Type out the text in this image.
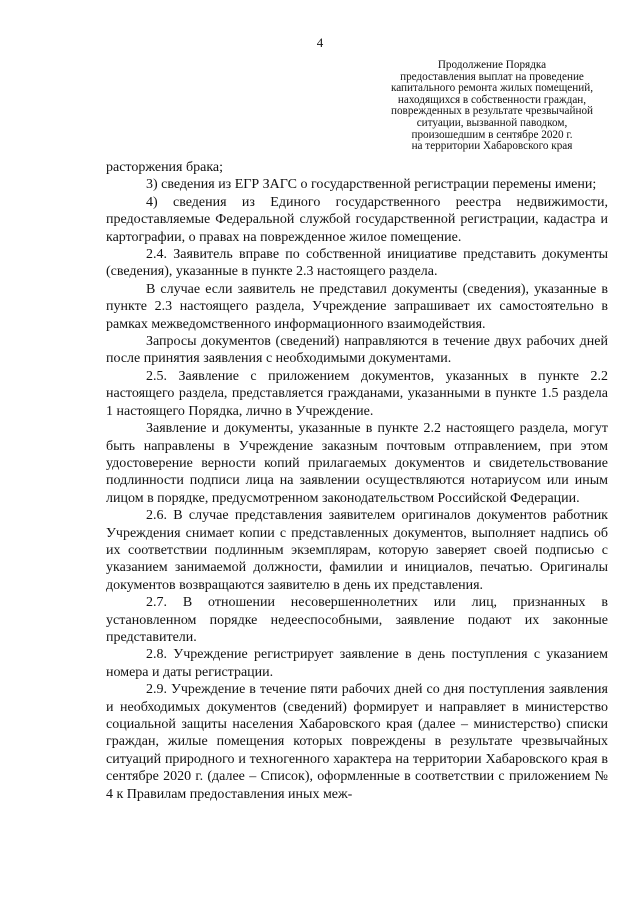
4
Продолжение Порядка
предоставления выплат на проведение
капитального ремонта жилых помещений,
находящихся в собственности граждан,
поврежденных в результате чрезвычайной
ситуации, вызванной паводком,
произошедшим в сентябре 2020 г.
на территории Хабаровского края

расторжения брака;

3) сведения из ЕГР ЗАГС о государственной регистрации перемены имени;

4) сведения из Единого государственного реестра недвижимости, предоставляемые Федеральной службой государственной регистрации, кадастра и картографии, о правах на поврежденное жилое помещение.

2.4. Заявитель вправе по собственной инициативе представить документы (сведения), указанные в пункте 2.3 настоящего раздела.

В случае если заявитель не представил документы (сведения), указанные в пункте 2.3 настоящего раздела, Учреждение запрашивает их самостоятельно в рамках межведомственного информационного взаимодействия.

Запросы документов (сведений) направляются в течение двух рабочих дней после принятия заявления с необходимыми документами.

2.5. Заявление с приложением документов, указанных в пункте 2.2 настоящего раздела, представляется гражданами, указанными в пункте 1.5 раздела 1 настоящего Порядка, лично в Учреждение.

Заявление и документы, указанные в пункте 2.2 настоящего раздела, могут быть направлены в Учреждение заказным почтовым отправлением, при этом удостоверение верности копий прилагаемых документов и свидетельствование подлинности подписи лица на заявлении осуществляются нотариусом или иным лицом в порядке, предусмотренном законодательством Российской Федерации.

2.6. В случае представления заявителем оригиналов документов работник Учреждения снимает копии с представленных документов, выполняет надпись об их соответствии подлинным экземплярам, которую заверяет своей подписью с указанием занимаемой должности, фамилии и инициалов, печатью. Оригиналы документов возвращаются заявителю в день их представления.

2.7. В отношении несовершеннолетних или лиц, признанных в установленном порядке недееспособными, заявление подают их законные представители.

2.8. Учреждение регистрирует заявление в день поступления с указанием номера и даты регистрации.

2.9. Учреждение в течение пяти рабочих дней со дня поступления заявления и необходимых документов (сведений) формирует и направляет в министерство социальной защиты населения Хабаровского края (далее – министерство) списки граждан, жилые помещения которых повреждены в результате чрезвычайных ситуаций природного и техногенного характера на территории Хабаровского края в сентябре 2020 г. (далее – Список), оформленные в соответствии с приложением № 4 к Правилам предоставления иных меж-
